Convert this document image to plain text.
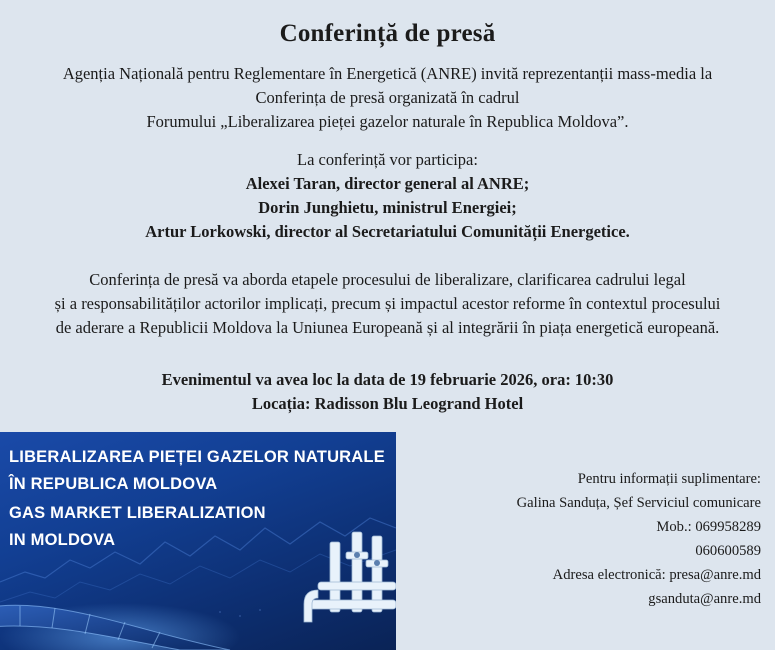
Conferință de presă
Agenția Națională pentru Reglementare în Energetică (ANRE) invită reprezentanții mass-media la
Conferința de presă organizată în cadrul
Forumului „Liberalizarea pieței gazelor naturale în Republica Moldova”.
La conferință vor participa:
Alexei Taran, director general al ANRE;
Dorin Junghietu, ministrul Energiei;
Artur Lorkowski, director al Secretariatului Comunității Energetice.
Conferința de presă va aborda etapele procesului de liberalizare, clarificarea cadrului legal
și a responsabilităților actorilor implicați, precum și impactul acestor reforme în contextul procesului
de aderare a Republicii Moldova la Uniunea Europeană și al integrării în piața energetică europeană.
Evenimentul va avea loc la data de 19 februarie 2026, ora: 10:30
Locația: Radisson Blu Leogrand Hotel
LIBERALIZAREA PIEȚEI GAZELOR NATURALE
ÎN REPUBLICA MOLDOVA
GAS MARKET LIBERALIZATION
IN MOLDOVA
Pentru informații suplimentare:
Galina Sanduța, Șef Serviciul comunicare
Mob.: 069958289
060600589
Adresa electronică: presa@anre.md
gsanduta@anre.md
